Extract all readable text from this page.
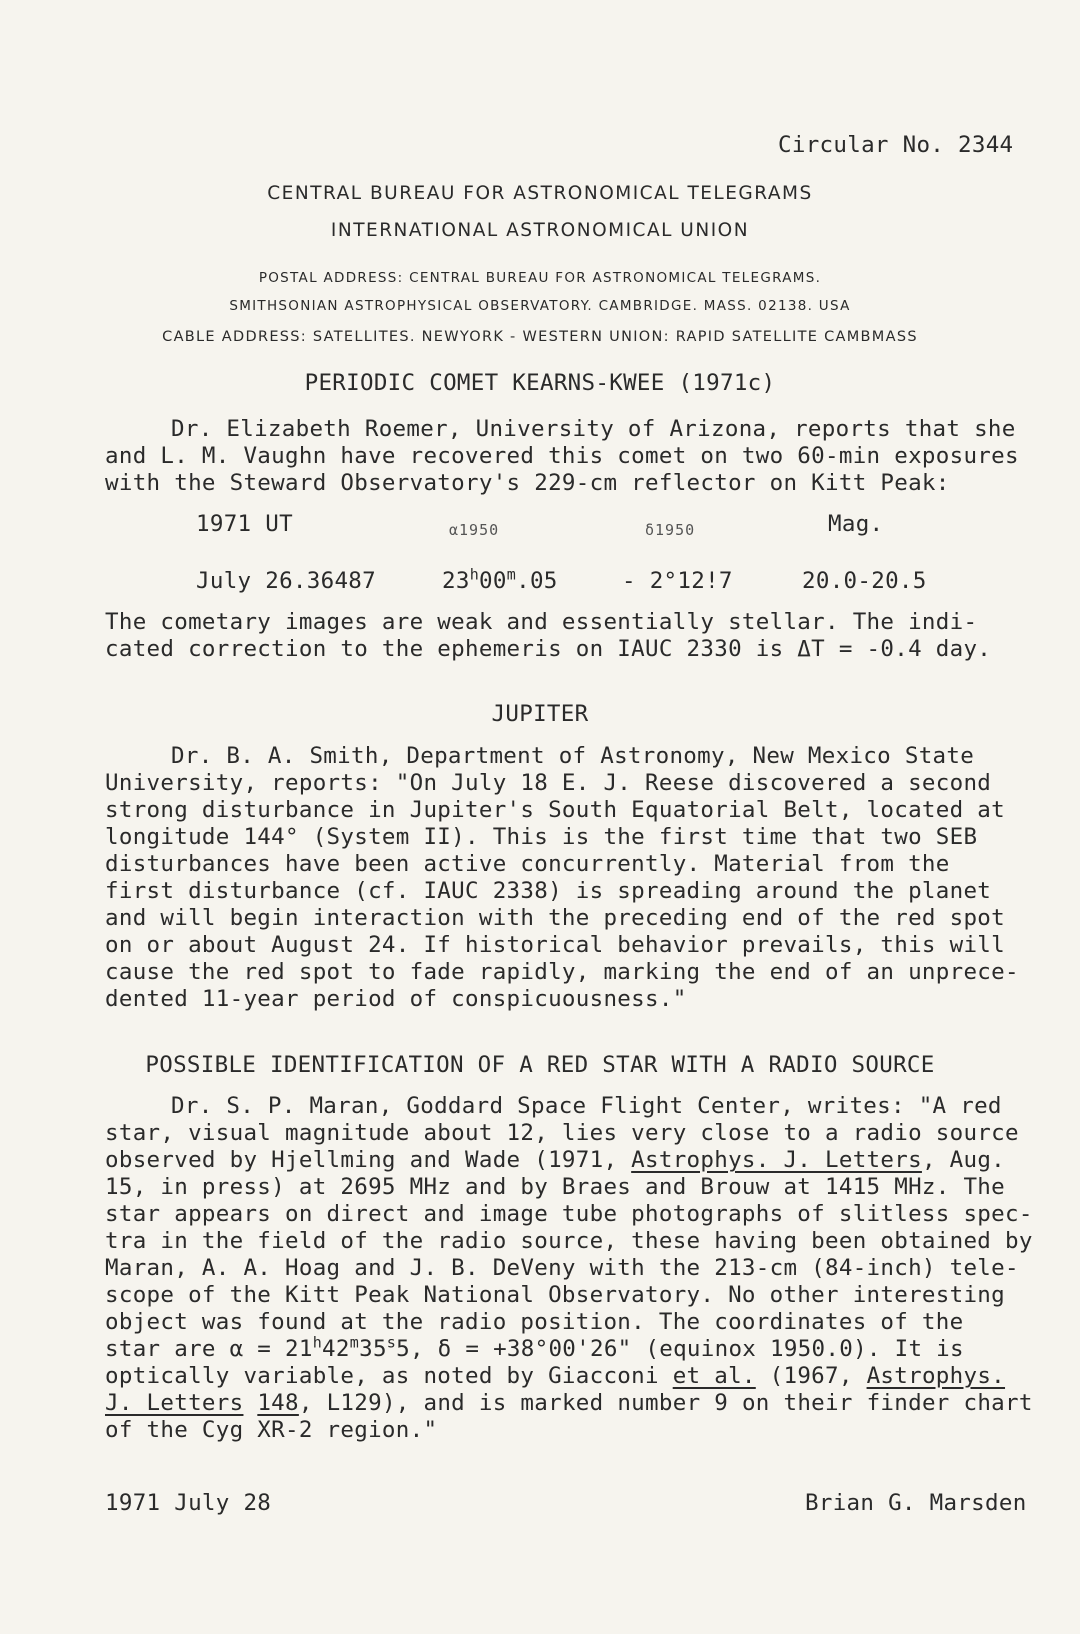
Circular No. 2344
CENTRAL BUREAU FOR ASTRONOMICAL TELEGRAMS
INTERNATIONAL ASTRONOMICAL UNION
POSTAL ADDRESS: CENTRAL BUREAU FOR ASTRONOMICAL TELEGRAMS.
SMITHSONIAN ASTROPHYSICAL OBSERVATORY. CAMBRIDGE. MASS. 02138. USA
CABLE ADDRESS: SATELLITES. NEWYORK - WESTERN UNION: RAPID SATELLITE CAMBMASS
PERIODIC COMET KEARNS-KWEE (1971c)
Dr. Elizabeth Roemer, University of Arizona, reports that she
and L. M. Vaughn have recovered this comet on two 60-min exposures
with the Steward Observatory's 229-cm reflector on Kitt Peak:
1971 UT	α1950	δ1950	Mag.
July 26.36487	23$^h$00$^m$.05	- 2°12!7	20.0-20.5
The cometary images are weak and essentially stellar. The indi-
cated correction to the ephemeris on IAUC 2330 is ΔT = -0.4 day.
JUPITER
Dr. B. A. Smith, Department of Astronomy, New Mexico State
University, reports: "On July 18 E. J. Reese discovered a second
strong disturbance in Jupiter's South Equatorial Belt, located at
longitude 144° (System II). This is the first time that two SEB
disturbances have been active concurrently. Material from the
first disturbance (cf. IAUC 2338) is spreading around the planet
and will begin interaction with the preceding end of the red spot
on or about August 24. If historical behavior prevails, this will
cause the red spot to fade rapidly, marking the end of an unprece-
dented 11-year period of conspicuousness."
POSSIBLE IDENTIFICATION OF A RED STAR WITH A RADIO SOURCE
Dr. S. P. Maran, Goddard Space Flight Center, writes: "A red
star, visual magnitude about 12, lies very close to a radio source
observed by Hjellming and Wade (1971, Astrophys. J. Letters, Aug.
15, in press) at 2695 MHz and by Braes and Brouw at 1415 MHz. The
star appears on direct and image tube photographs of slitless spec-
tra in the field of the radio source, these having been obtained by
Maran, A. A. Hoag and J. B. DeVeny with the 213-cm (84-inch) tele-
scope of the Kitt Peak National Observatory. No other interesting
object was found at the radio position. The coordinates of the
star are $\alpha = 21^h42^m35^s5$, δ = +38°00'26" (equinox 1950.0). It is
optically variable, as noted by Giacconi et al. (1967, Astrophys.
J. Letters 148, L129), and is marked number 9 on their finder chart
of the Cyg XR-2 region."
1971 July 28	Brian G. Marsden
